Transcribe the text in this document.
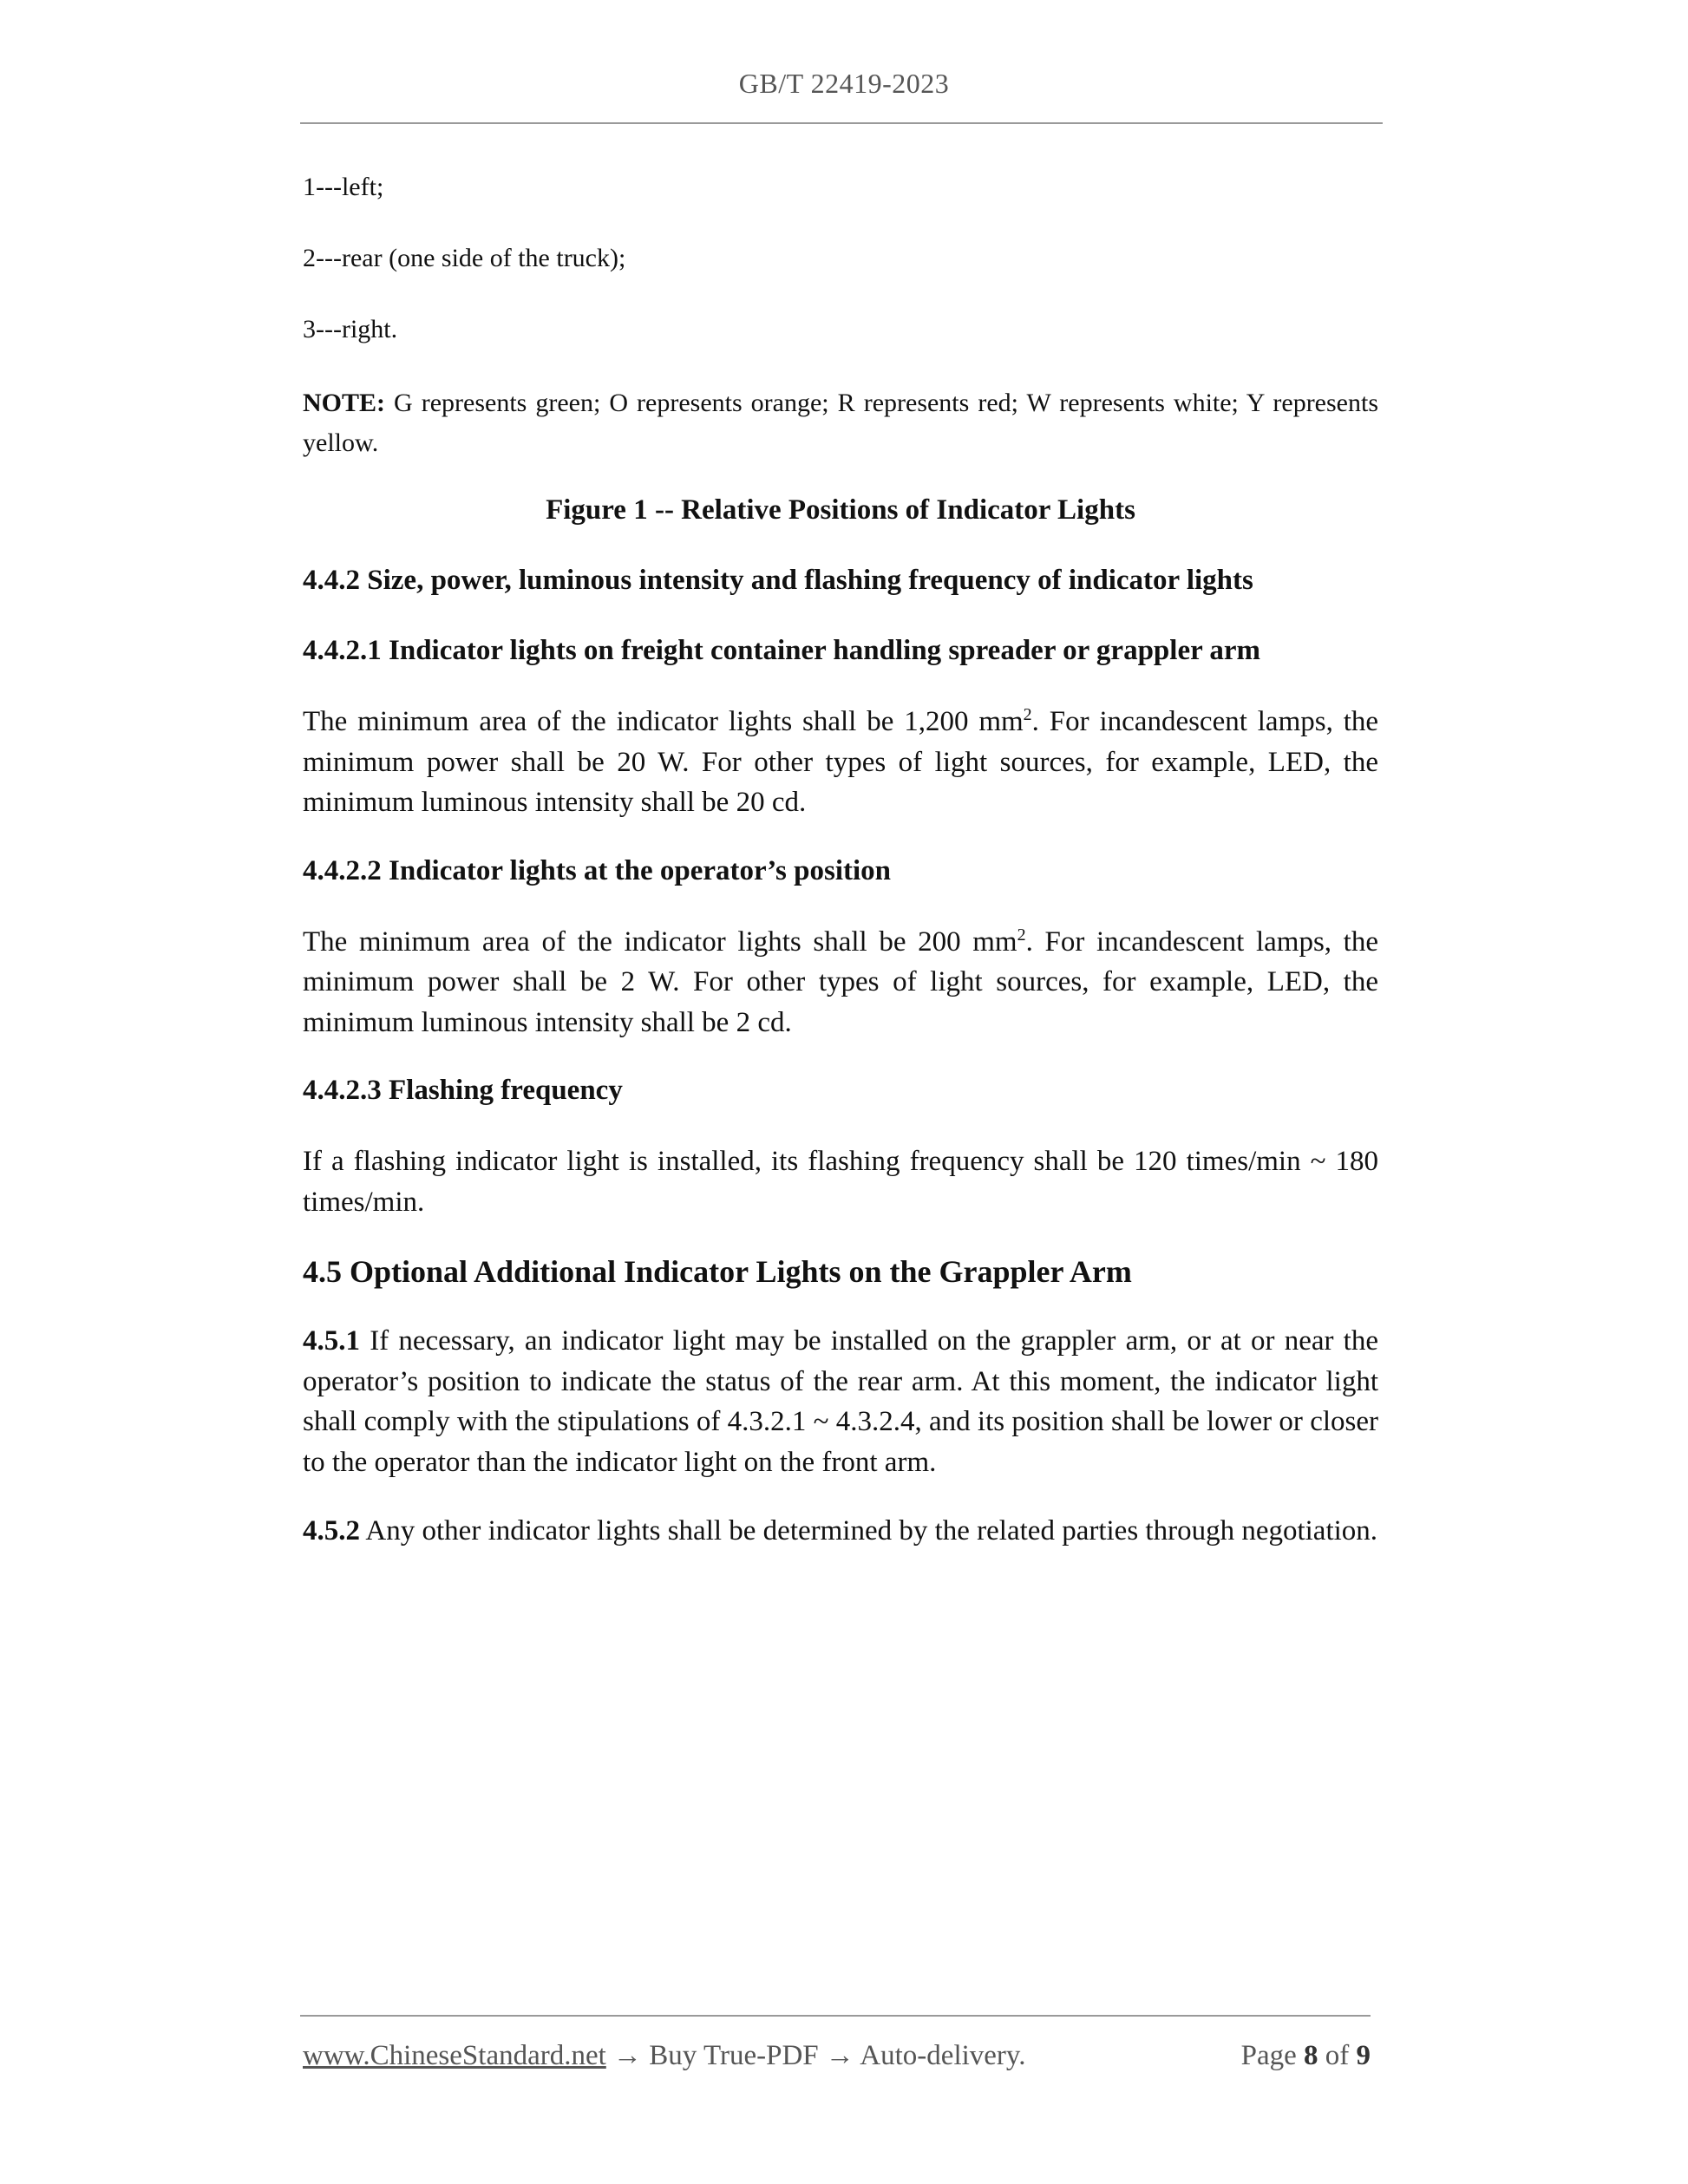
GB/T 22419-2023
1---left;
2---rear (one side of the truck);
3---right.
NOTE: G represents green; O represents orange; R represents red; W represents white; Y represents yellow.
Figure 1 -- Relative Positions of Indicator Lights
4.4.2 Size, power, luminous intensity and flashing frequency of indicator lights
4.4.2.1 Indicator lights on freight container handling spreader or grappler arm
The minimum area of the indicator lights shall be 1,200 $mm^2$. For incandescent lamps, the minimum power shall be 20 W. For other types of light sources, for example, LED, the minimum luminous intensity shall be 20 cd.
4.4.2.2 Indicator lights at the operator’s position
The minimum area of the indicator lights shall be 200 $mm^2$. For incandescent lamps, the minimum power shall be 2 W. For other types of light sources, for example, LED, the minimum luminous intensity shall be 2 cd.
4.4.2.3 Flashing frequency
If a flashing indicator light is installed, its flashing frequency shall be 120 times/min ~ 180 times/min.
4.5 Optional Additional Indicator Lights on the Grappler Arm
4.5.1 If necessary, an indicator light may be installed on the grappler arm, or at or near the operator’s position to indicate the status of the rear arm. At this moment, the indicator light shall comply with the stipulations of 4.3.2.1 ~ 4.3.2.4, and its position shall be lower or closer to the operator than the indicator light on the front arm.
4.5.2 Any other indicator lights shall be determined by the related parties through negotiation.
www.ChineseStandard.net → Buy True-PDF → Auto-delivery.	Page 8 of 9
